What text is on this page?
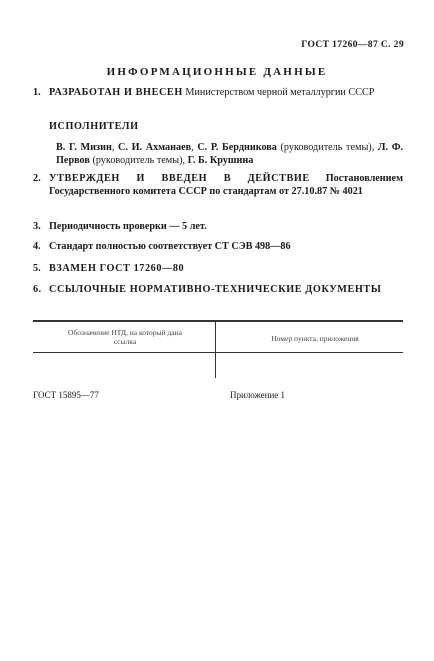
ГОСТ 17260—87 С. 29
ИНФОРМАЦИОННЫЕ ДАННЫЕ
1. РАЗРАБОТАН И ВНЕСЕН Министерством черной металлургии СССР
ИСПОЛНИТЕЛИ
В. Г. Мизин, С. И. Ахманаев, С. Р. Бердникова (руководитель темы), Л. Ф. Первов (руководитель темы), Г. Б. Крушина
2. УТВЕРЖДЕН И ВВЕДЕН В ДЕЙСТВИЕ Постановлением Государственного комитета СССР по стандартам от 27.10.87 № 4021
3. Периодичность проверки — 5 лет.
4. Стандарт полностью соответствует СТ СЭВ 498—86
5. ВЗАМЕН ГОСТ 17260—80
6. ССЫЛОЧНЫЕ НОРМАТИВНО-ТЕХНИЧЕСКИЕ ДОКУМЕНТЫ
Обозначение НТД, на который дана ссылка	Номер пункта, приложения
ГОСТ 15895—77	Приложение 1
